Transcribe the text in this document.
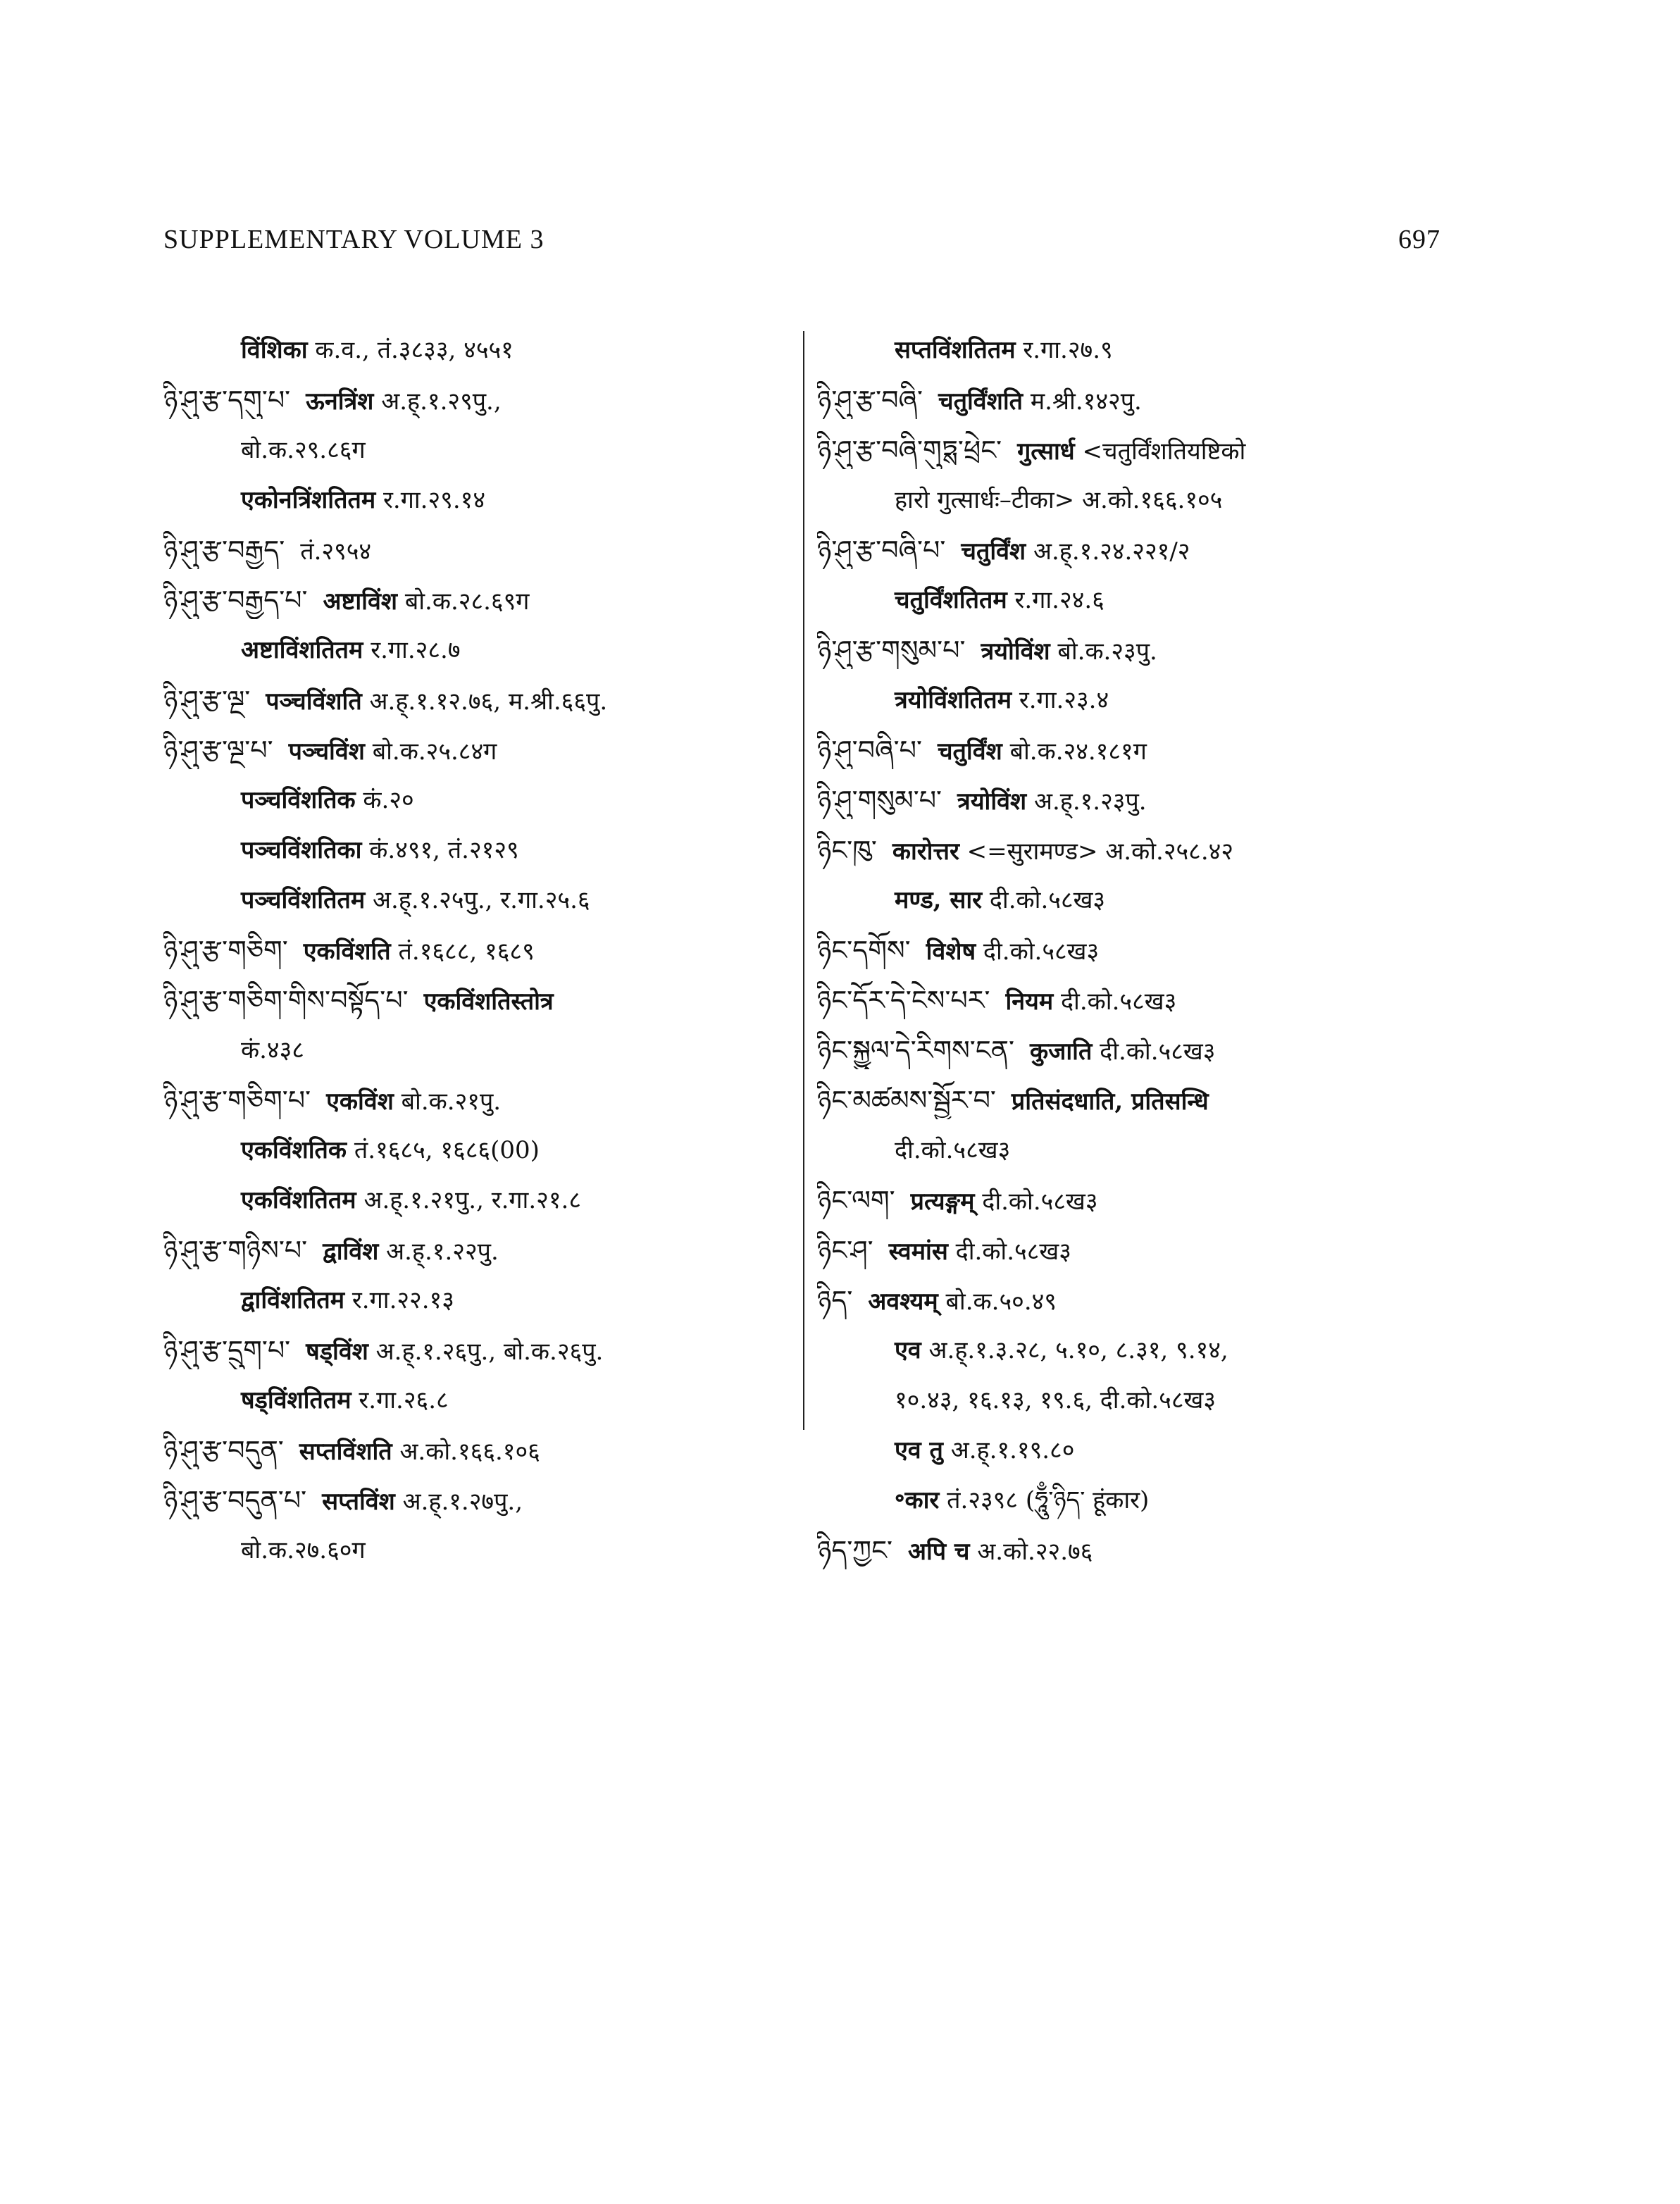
SUPPLEMENTARY VOLUME 3	697
विंशिका क.व., तं.३८३३, ४५५१
ཉི་ཤུ་རྩ་དགུ་པ་ ऊनत्रिंश अ.ह्.१.२९पु.,
बो.क.२९.८६ग
एकोनत्रिंशतितम र.गा.२९.१४
ཉི་ཤུ་རྩ་བརྒྱད་ तं.२९५४
ཉི་ཤུ་རྩ་བརྒྱད་པ་ अष्टाविंश बो.क.२८.६९ग
अष्टाविंशतितम र.गा.२८.७
ཉི་ཤུ་རྩ་ལྔ་ पञ्चविंशति अ.ह्.१.१२.७६, म.श्री.६६पु.
ཉི་ཤུ་རྩ་ལྔ་པ་ पञ्चविंश बो.क.२५.८४ग
पञ्चविंशतिक कं.२०
पञ्चविंशतिका कं.४९१, तं.२१२९
पञ्चविंशतितम अ.ह्.१.२५पु., र.गा.२५.६
ཉི་ཤུ་རྩ་གཅིག་ एकविंशति तं.१६८८, १६८९
ཉི་ཤུ་རྩ་གཅིག་གིས་བསྟོད་པ་ एकविंशतिस्तोत्र
कं.४३८
ཉི་ཤུ་རྩ་གཅིག་པ་ एकविंश बो.क.२१पु.
एकविंशतिक तं.१६८५, १६८६(00)
एकविंशतितम अ.ह्.१.२१पु., र.गा.२१.८
ཉི་ཤུ་རྩ་གཉིས་པ་ द्वाविंश अ.ह्.१.२२पु.
द्वाविंशतितम र.गा.२२.१३
ཉི་ཤུ་རྩ་དྲུག་པ་ षड्विंश अ.ह्.१.२६पु., बो.क.२६पु.
षड्विंशतितम र.गा.२६.८
ཉི་ཤུ་རྩ་བདུན་ सप्तविंशति अ.को.१६६.१०६
ཉི་ཤུ་རྩ་བདུན་པ་ सप्तविंश अ.ह्.१.२७पु.,
बो.क.२७.६०ग
सप्तविंशतितम र.गा.२७.९
ཉི་ཤུ་རྩ་བཞི་ चतुर्विंशति म.श्री.१४२पु.
ཉི་ཤུ་རྩ་བཞི་གུཏྶ་ཕྲེང་ गुत्सार्ध <चतुर्विंशतियष्टिको
हारो गुत्सार्धः–टीका> अ.को.१६६.१०५
ཉི་ཤུ་རྩ་བཞི་པ་ चतुर्विंश अ.ह्.१.२४.२२१/२
चतुर्विंशतितम र.गा.२४.६
ཉི་ཤུ་རྩ་གསུམ་པ་ त्रयोविंश बो.क.२३पु.
त्रयोविंशतितम र.गा.२३.४
ཉི་ཤུ་བཞི་པ་ चतुर्विंश बो.क.२४.१८१ग
ཉི་ཤུ་གསུམ་པ་ त्रयोविंश अ.ह्.१.२३पु.
ཉིང་ཁུ་ कारोत्तर <=सुरामण्ड> अ.को.२५८.४२
मण्ड, सार दी.को.५८ख३
ཉིང་དགོས་ विशेष दी.को.५८ख३
ཉིང་དོར་དེ་ངེས་པར་ नियम दी.को.५८ख३
ཉིང་སྐྱུལ་དེ་རིགས་ངན་ कुजाति दी.को.५८ख३
ཉིང་མཚམས་སྦྱོར་བ་ प्रतिसंदधाति, प्रतिसन्धि
दी.को.५८ख३
ཉིང་ལག་ प्रत्यङ्गम् दी.को.५८ख३
ཉིང་ཤ་ स्वमांस दी.को.५८ख३
ཉིད་ अवश्यम् बो.क.५०.४९
एव अ.ह्.१.३.२८, ५.१०, ८.३१, ९.१४,
१०.४३, १६.१३, १९.६, दी.को.५८ख३
एव तु अ.ह्.१.१९.८०
॰कार तं.२३९८ (ཧཱུྃ་ཉིད་ हूंकार)
ཉིད་ཀྱང་ अपि च अ.को.२२.७६
